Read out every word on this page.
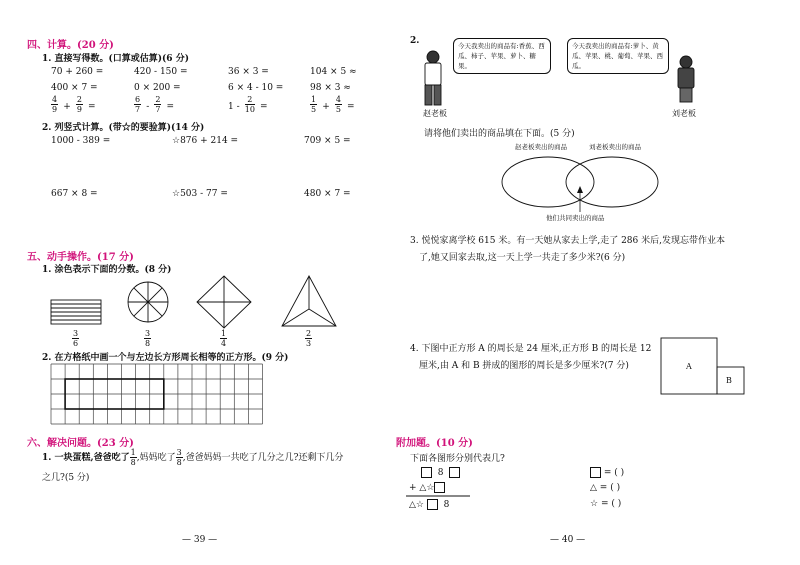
四、计算。(20 分)
1. 直接写得数。(口算或估算)(6 分)
70 + 260 =	420 - 150 =	36 × 3 =	104 × 5 ≈
400 × 7 =	0 × 200 =	6 × 4 - 10 =	98 × 3 ≈
$\frac{4}{9} + \frac{2}{9}$ =	$\frac{6}{7} - \frac{2}{7}$ =	$1 - \frac{2}{10}$ =	$\frac{1}{5} + \frac{4}{5}$ =
2. 列竖式计算。(带☆的要验算)(14 分)
1000 - 389 =	☆876 + 214 =	709 × 5 =
667 × 8 =	☆503 - 77 =	480 × 7 =
五、动手操作。(17 分)
1. 涂色表示下面的分数。(8 分)
$\frac{3}{6}$	$\frac{3}{8}$	$\frac{1}{4}$	$\frac{2}{3}$
2. 在方格纸中画一个与左边长方形周长相等的正方形。(9 分)
六、解决问题。(23 分)
1. 一块蛋糕,爸爸吃了 $\frac{1}{8}$ ,妈妈吃了 $\frac{3}{8}$ ,爸爸妈妈一共吃了几分之几?还剩下几分
之几?(5 分)
— 39 —
2.	今天我卖出的商品有:香蕉、西瓜、柿子、苹果、萝卜、糖果。
今天我卖出的商品有:萝卜、黄瓜、苹果、桃、葡萄、苹果、西瓜。
赵老板	刘老板
请将他们卖出的商品填在下面。(5 分)
赵老板卖出的商品	刘老板卖出的商品
他们共同卖出的商品
3. 悦悦家离学校 615 米。有一天她从家去上学,走了 286 米后,发现忘带作业本
了,她又回家去取,这一天上学一共走了多少米?(6 分)
4. 下图中正方形 A 的周长是 24 厘米,正方形 B 的周长是 12
厘米,由 A 和 B 拼成的图形的周长是多少厘米?(7 分)	A
B
附加题。(10 分)
下面各图形分别代表几?
8
+ △☆
△☆ 8
= ( )
△ = ( )
☆ = ( )
— 40 —
